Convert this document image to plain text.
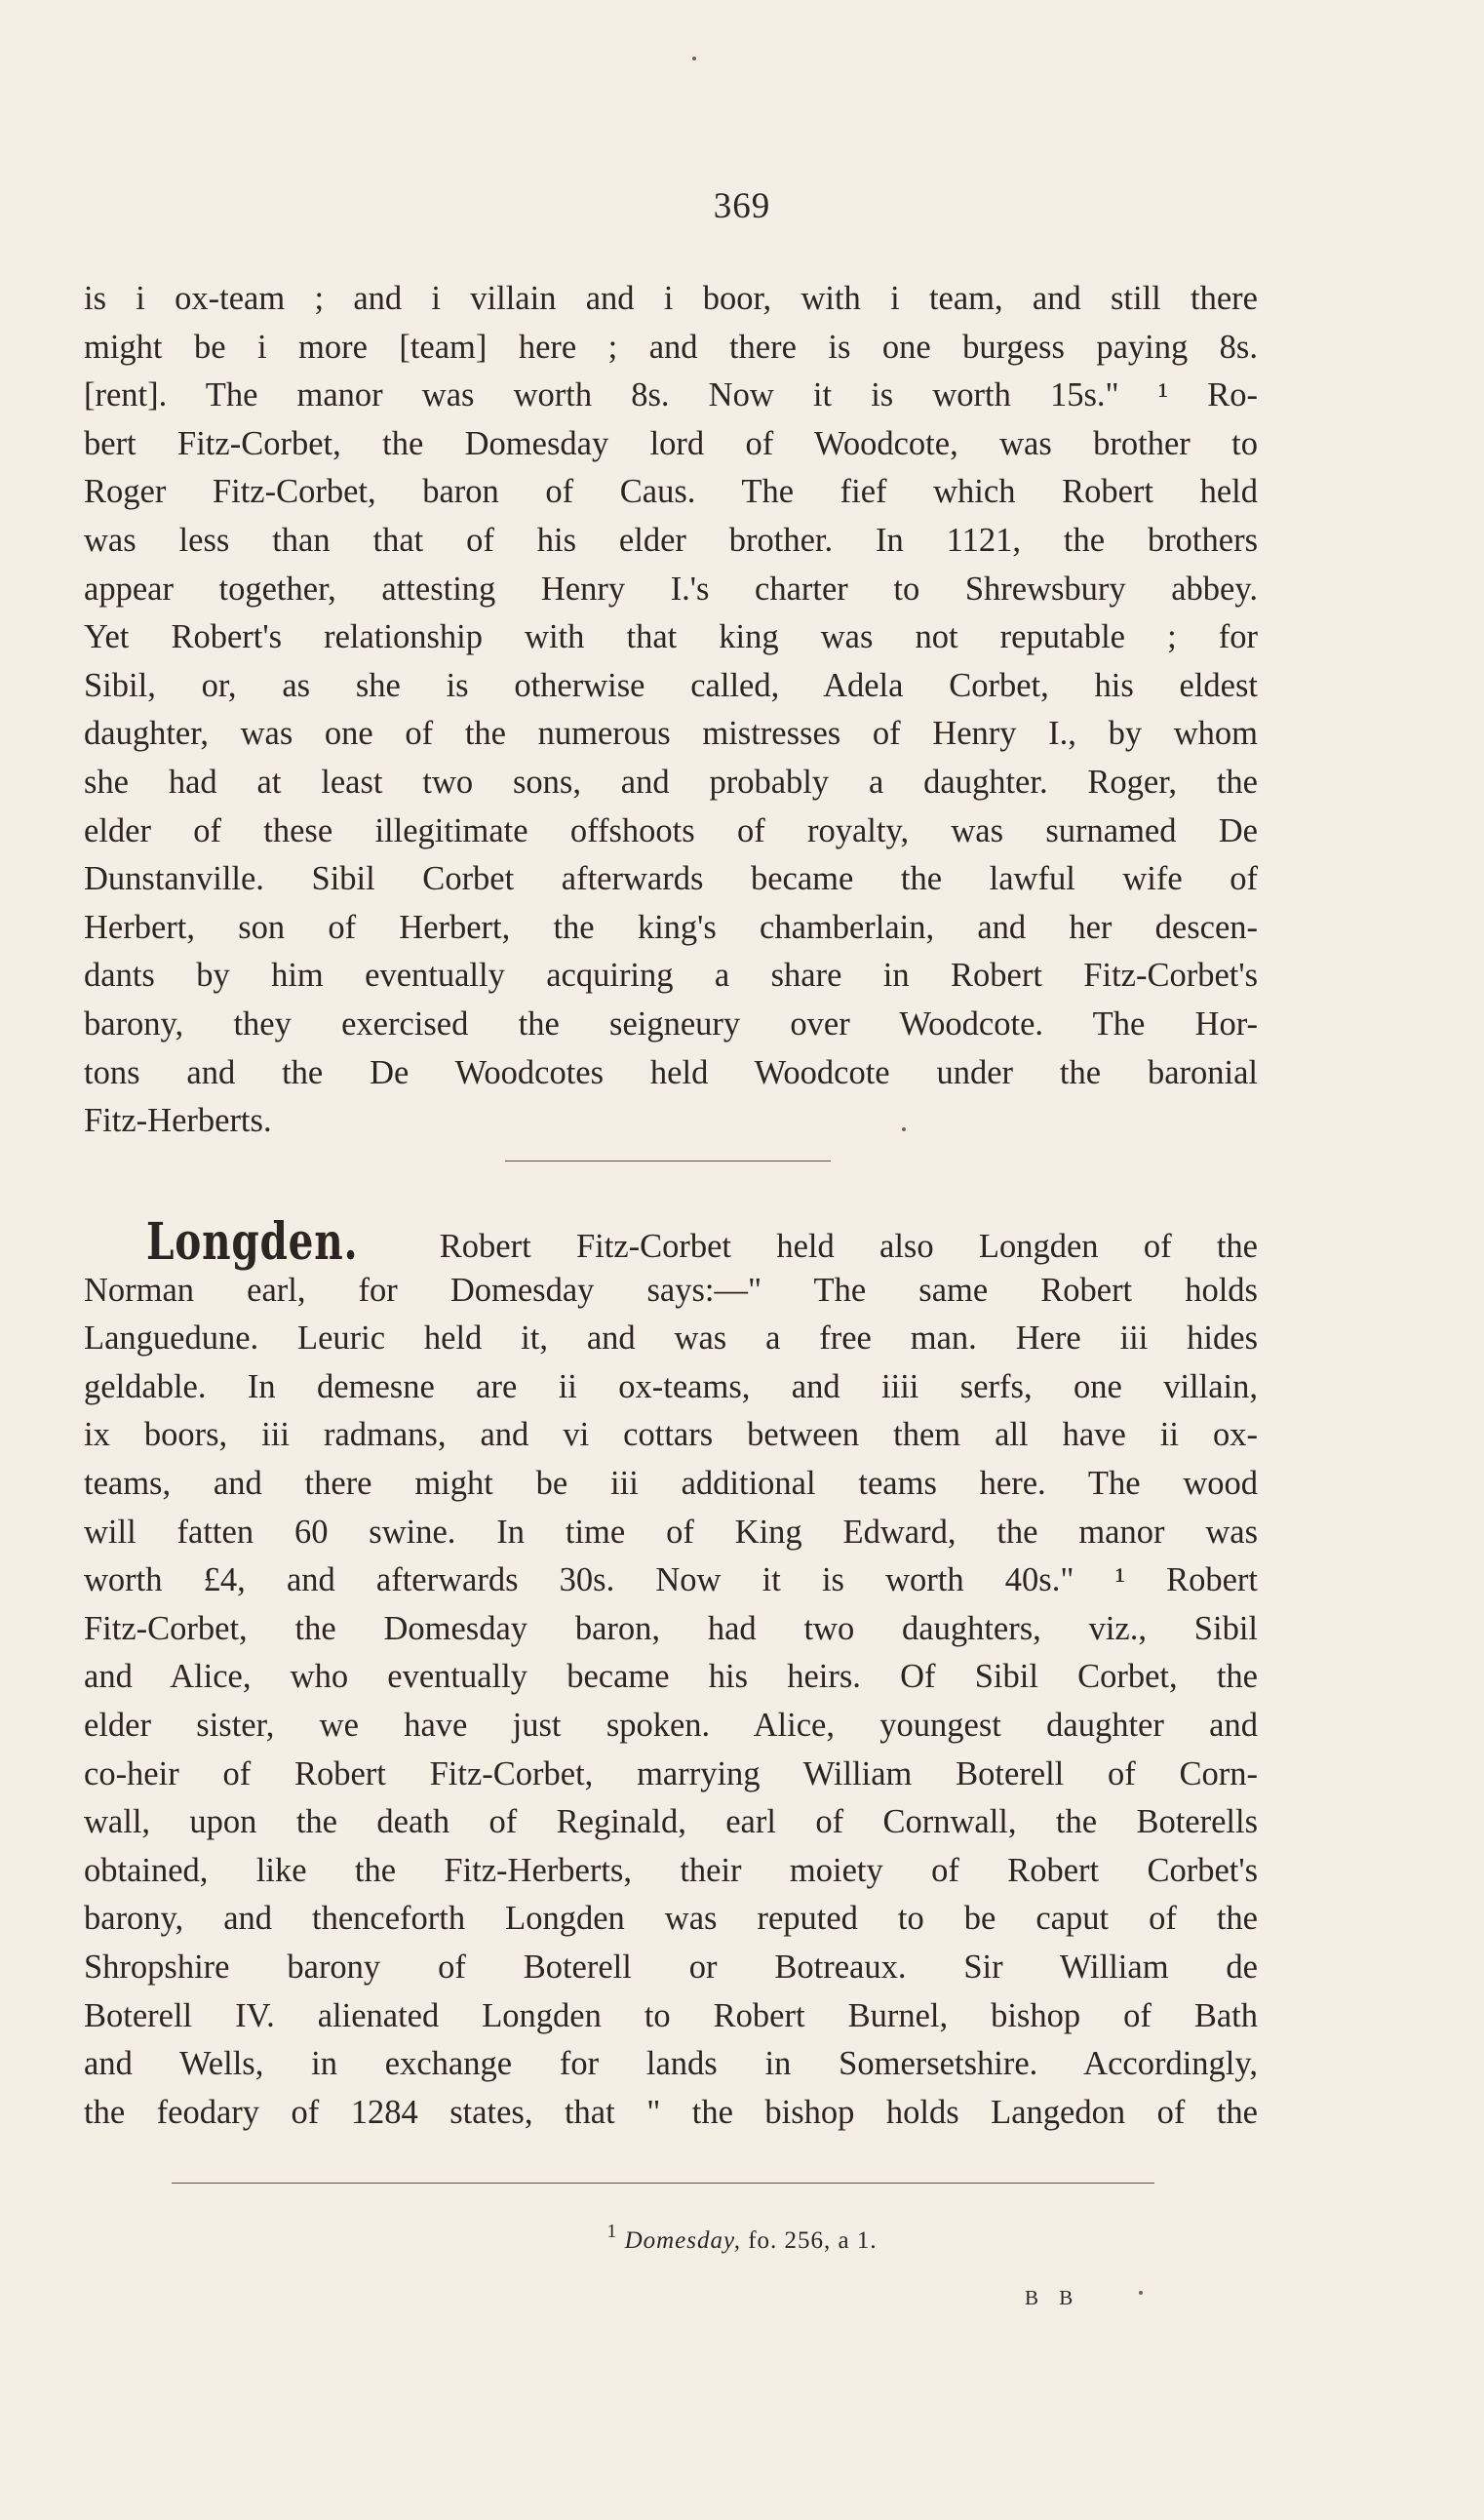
369
is i ox-team ; and i villain and i boor, with i team, and still there
might be i more [team] here ; and there is one burgess paying 8s.
[rent]. The manor was worth 8s. Now it is worth 15s." ¹ Ro-
bert Fitz-Corbet, the Domesday lord of Woodcote, was brother to
Roger Fitz-Corbet, baron of Caus. The fief which Robert held
was less than that of his elder brother. In 1121, the brothers
appear together, attesting Henry I.'s charter to Shrewsbury abbey.
Yet Robert's relationship with that king was not reputable ; for
Sibil, or, as she is otherwise called, Adela Corbet, his eldest
daughter, was one of the numerous mistresses of Henry I., by whom
she had at least two sons, and probably a daughter. Roger, the
elder of these illegitimate offshoots of royalty, was surnamed De
Dunstanville. Sibil Corbet afterwards became the lawful wife of
Herbert, son of Herbert, the king's chamberlain, and her descen-
dants by him eventually acquiring a share in Robert Fitz-Corbet's
barony, they exercised the seigneury over Woodcote. The Hor-
tons and the De Woodcotes held Woodcote under the baronial
Fitz-Herberts.
Longden. Robert Fitz-Corbet held also Longden of the
Norman earl, for Domesday says:—" The same Robert holds
Languedune. Leuric held it, and was a free man. Here iii hides
geldable. In demesne are ii ox-teams, and iiii serfs, one villain,
ix boors, iii radmans, and vi cottars between them all have ii ox-
teams, and there might be iii additional teams here. The wood
will fatten 60 swine. In time of King Edward, the manor was
worth £4, and afterwards 30s. Now it is worth 40s." ¹ Robert
Fitz-Corbet, the Domesday baron, had two daughters, viz., Sibil
and Alice, who eventually became his heirs. Of Sibil Corbet, the
elder sister, we have just spoken. Alice, youngest daughter and
co-heir of Robert Fitz-Corbet, marrying William Boterell of Corn-
wall, upon the death of Reginald, earl of Cornwall, the Boterells
obtained, like the Fitz-Herberts, their moiety of Robert Corbet's
barony, and thenceforth Longden was reputed to be caput of the
Shropshire barony of Boterell or Botreaux. Sir William de
Boterell IV. alienated Longden to Robert Burnel, bishop of Bath
and Wells, in exchange for lands in Somersetshire. Accordingly,
the feodary of 1284 states, that " the bishop holds Langedon of the
$^1$ Domesday, fo. 256, a 1.
B B
